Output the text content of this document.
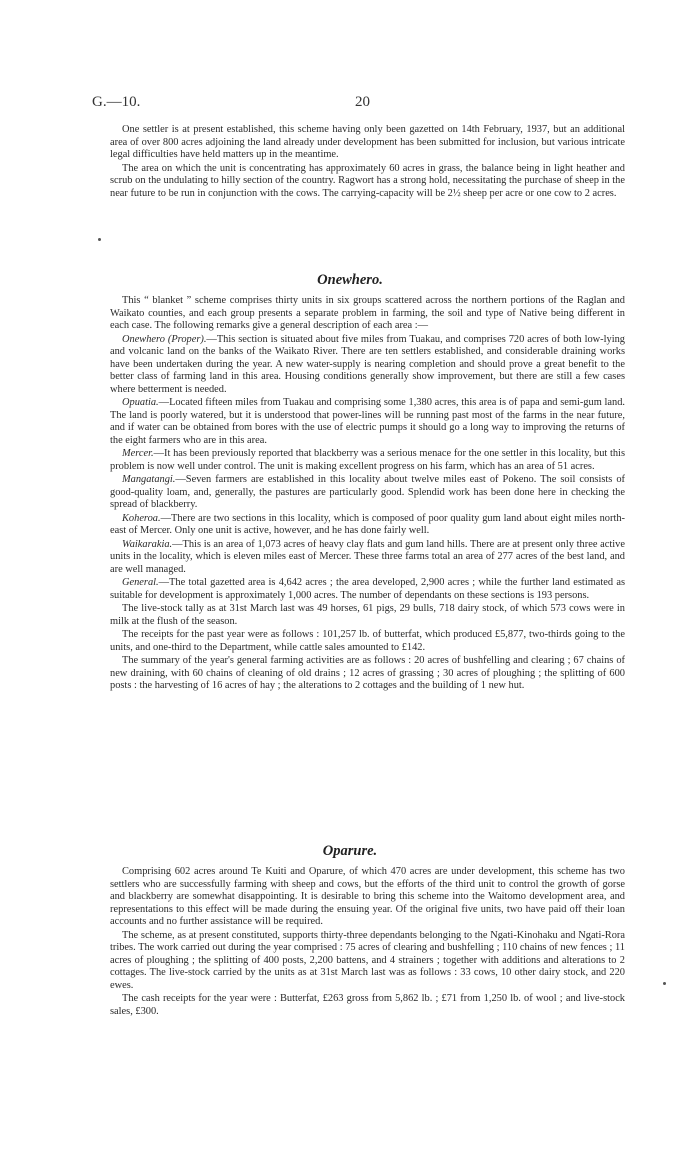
G.—10.	20

One settler is at present established, this scheme having only been gazetted on 14th February, 1937, but an additional area of over 800 acres adjoining the land already under development has been submitted for inclusion, but various intricate legal difficulties have held matters up in the meantime.

The area on which the unit is concentrating has approximately 60 acres in grass, the balance being in light heather and scrub on the undulating to hilly section of the country. Ragwort has a strong hold, necessitating the purchase of sheep in the near future to be run in conjunction with the cows. The carrying-capacity will be 2½ sheep per acre or one cow to 2 acres.

Onewhero.

This “ blanket ” scheme comprises thirty units in six groups scattered across the northern portions of the Raglan and Waikato counties, and each group presents a separate problem in farming, the soil and type of Native being different in each case. The following remarks give a general description of each area :—

Onewhero (Proper).—This section is situated about five miles from Tuakau, and comprises 720 acres of both low-lying and volcanic land on the banks of the Waikato River. There are ten settlers established, and considerable draining works have been undertaken during the year. A new water-supply is nearing completion and should prove a great benefit to the better class of farming land in this area. Housing conditions generally show improvement, but there are still a few cases where betterment is needed.

Opuatia.—Located fifteen miles from Tuakau and comprising some 1,380 acres, this area is of papa and semi-gum land. The land is poorly watered, but it is understood that power-lines will be running past most of the farms in the near future, and if water can be obtained from bores with the use of electric pumps it should go a long way to improving the returns of the eight farmers who are in this area.

Mercer.—It has been previously reported that blackberry was a serious menace for the one settler in this locality, but this problem is now well under control. The unit is making excellent progress on his farm, which has an area of 51 acres.

Mangatangi.—Seven farmers are established in this locality about twelve miles east of Pokeno. The soil consists of good-quality loam, and, generally, the pastures are particularly good. Splendid work has been done here in checking the spread of blackberry.

Koheroa.—There are two sections in this locality, which is composed of poor quality gum land about eight miles north-east of Mercer. Only one unit is active, however, and he has done fairly well.

Waikarakia.—This is an area of 1,073 acres of heavy clay flats and gum land hills. There are at present only three active units in the locality, which is eleven miles east of Mercer. These three farms total an area of 277 acres of the best land, and are well managed.

General.—The total gazetted area is 4,642 acres ; the area developed, 2,900 acres ; while the further land estimated as suitable for development is approximately 1,000 acres. The number of dependants on these sections is 193 persons.

The live-stock tally as at 31st March last was 49 horses, 61 pigs, 29 bulls, 718 dairy stock, of which 573 cows were in milk at the flush of the season.

The receipts for the past year were as follows : 101,257 lb. of butterfat, which produced £5,877, two-thirds going to the units, and one-third to the Department, while cattle sales amounted to £142.

The summary of the year's general farming activities are as follows : 20 acres of bushfelling and clearing ; 67 chains of new draining, with 60 chains of cleaning of old drains ; 12 acres of grassing ; 30 acres of ploughing ; the splitting of 600 posts : the harvesting of 16 acres of hay ; the alterations to 2 cottages and the building of 1 new hut.

Oparure.

Comprising 602 acres around Te Kuiti and Oparure, of which 470 acres are under development, this scheme has two settlers who are successfully farming with sheep and cows, but the efforts of the third unit to control the growth of gorse and blackberry are somewhat disappointing. It is desirable to bring this scheme into the Waitomo development area, and representations to this effect will be made during the ensuing year. Of the original five units, two have paid off their loan accounts and no further assistance will be required.

The scheme, as at present constituted, supports thirty-three dependants belonging to the Ngati-Kinohaku and Ngati-Rora tribes. The work carried out during the year comprised : 75 acres of clearing and bushfelling ; 110 chains of new fences ; 11 acres of ploughing ; the splitting of 400 posts, 2,200 battens, and 4 strainers ; together with additions and alterations to 2 cottages. The live-stock carried by the units as at 31st March last was as follows : 33 cows, 10 other dairy stock, and 220 ewes.

The cash receipts for the year were : Butterfat, £263 gross from 5,862 lb. ; £71 from 1,250 lb. of wool ; and live-stock sales, £300.
